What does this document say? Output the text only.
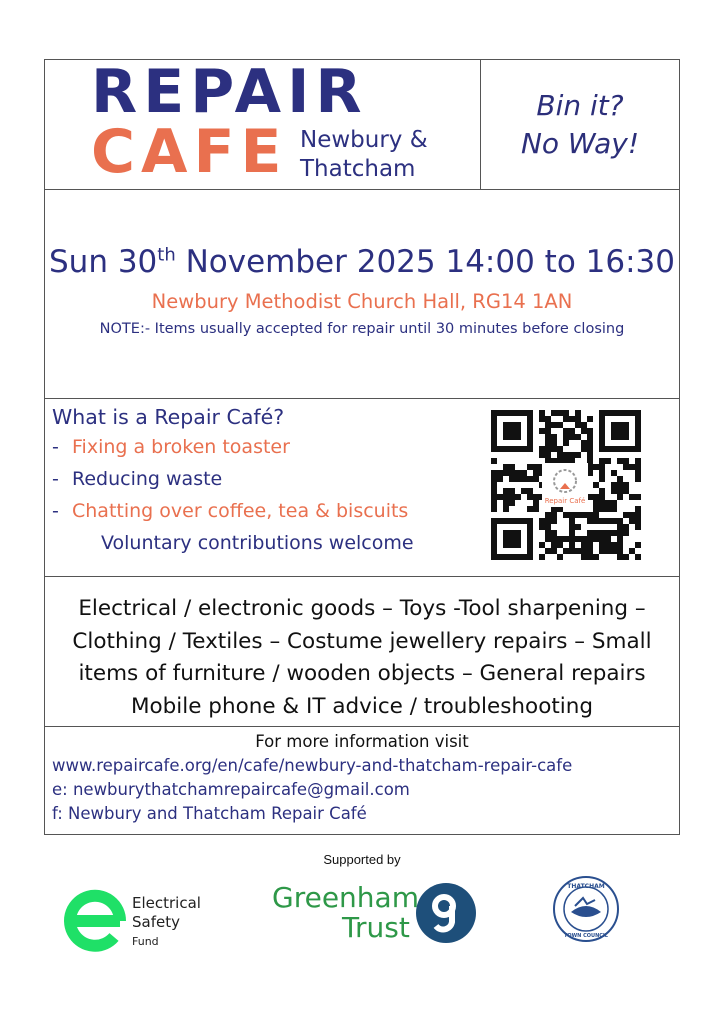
REPAIR
CAFE Newbury &
Thatcham
Bin it?
No Way!
Sun 30th November 2025 14:00 to 16:30
Newbury Methodist Church Hall, RG14 1AN
NOTE:- Items usually accepted for repair until 30 minutes before closing
What is a Repair Café?
- Fixing a broken toaster
- Reducing waste
- Chatting over coffee, tea & biscuits
Voluntary contributions welcome
Repair Café
Electrical / electronic goods – Toys -Tool sharpening –
Clothing / Textiles – Costume jewellery repairs – Small
items of furniture / wooden objects – General repairs
Mobile phone & IT advice / troubleshooting
For more information visit
www.repaircafe.org/en/cafe/newbury-and-thatcham-repair-cafe
e: newburythatchamrepaircafe@gmail.com
f: Newbury and Thatcham Repair Café
Supported by
Electrical
Safety
Fund
Greenham
Trust
THATCHAM
TOWN COUNCIL
